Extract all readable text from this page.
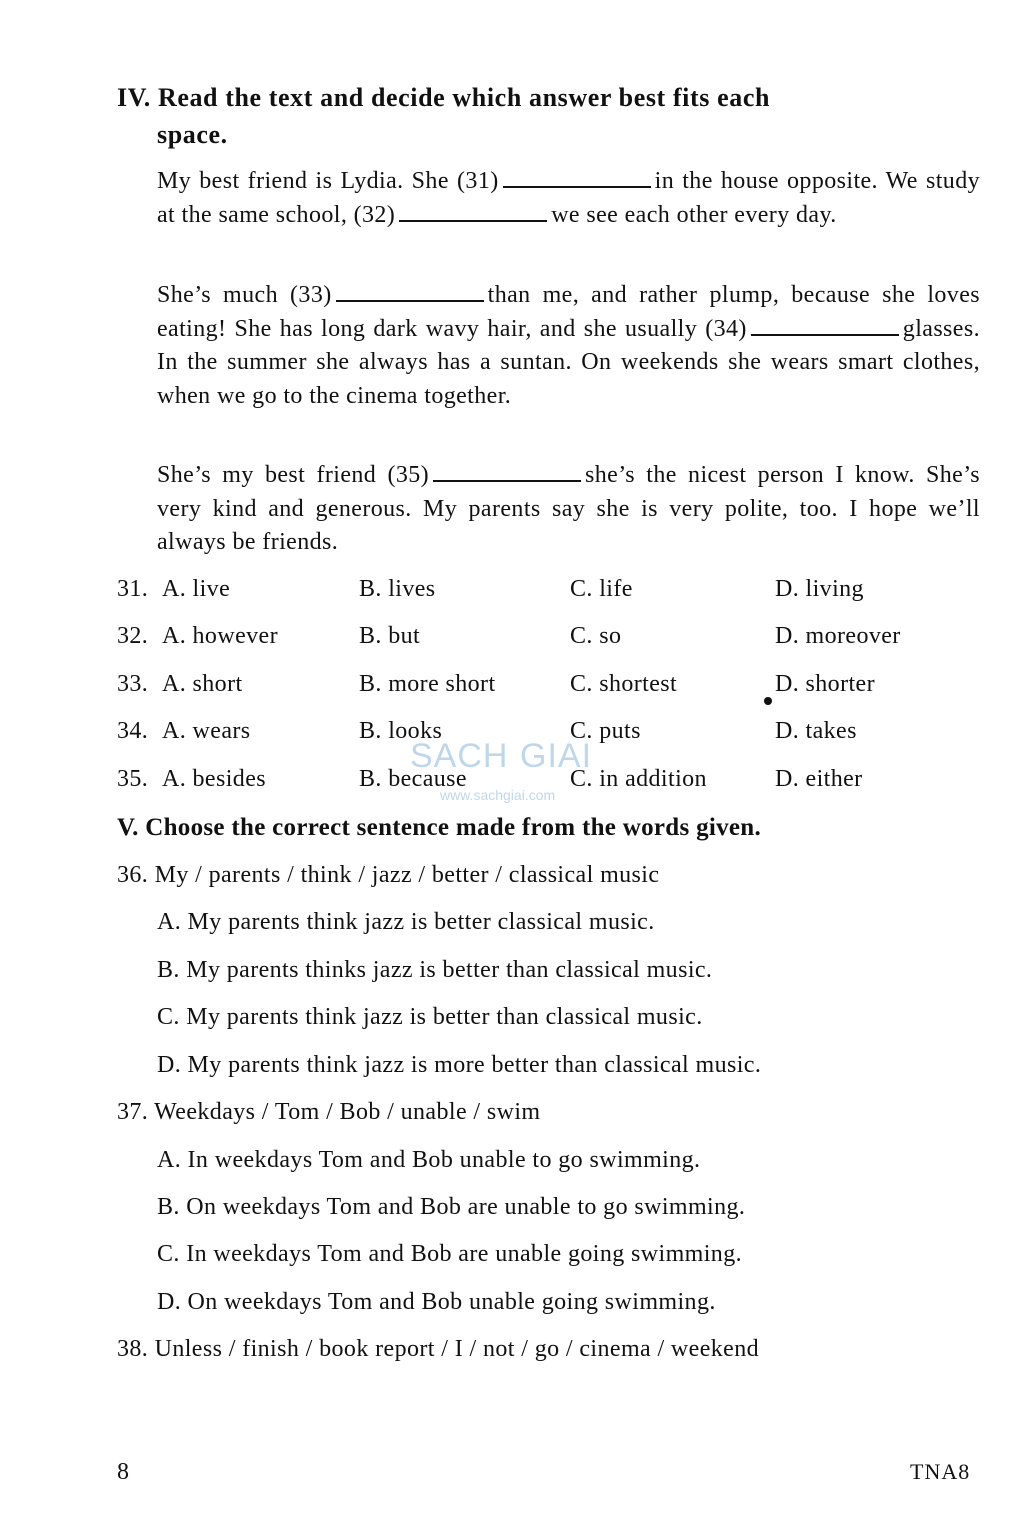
IV. Read the text and decide which answer best fits each
space.
My best friend is Lydia. She (31)	in the house opposite. We study at the same school, (32)	we see each other every day.
She’s much (33)	than me, and rather plump, because she loves eating! She has long dark wavy hair, and she usually (34)	glasses. In the summer she always has a suntan. On weekends she wears smart clothes, when we go to the cinema together.
She’s my best friend (35)	she’s the nicest person I know. She’s very kind and generous. My parents say she is very polite, too. I hope we’ll always be friends.
31. A. live	B. lives	C. life	D. living
32. A. however	B. but	C. so	D. moreover
33. A. short	B. more short	C. shortest	D. shorter
34. A. wears	B. looks	C. puts	D. takes
35. A. besides	B. because	C. in addition	D. either
SACH GIAI
www.sachgiai.com
V. Choose the correct sentence made from the words given.
36. My / parents / think / jazz / better / classical music
A. My parents think jazz is better classical music.
B. My parents thinks jazz is better than classical music.
C. My parents think jazz is better than classical music.
D. My parents think jazz is more better than classical music.
37. Weekdays / Tom / Bob / unable / swim
A. In weekdays Tom and Bob unable to go swimming.
B. On weekdays Tom and Bob are unable to go swimming.
C. In weekdays Tom and Bob are unable going swimming.
D. On weekdays Tom and Bob unable going swimming.
38. Unless / finish / book report / I / not / go / cinema / weekend
8	TNA8
